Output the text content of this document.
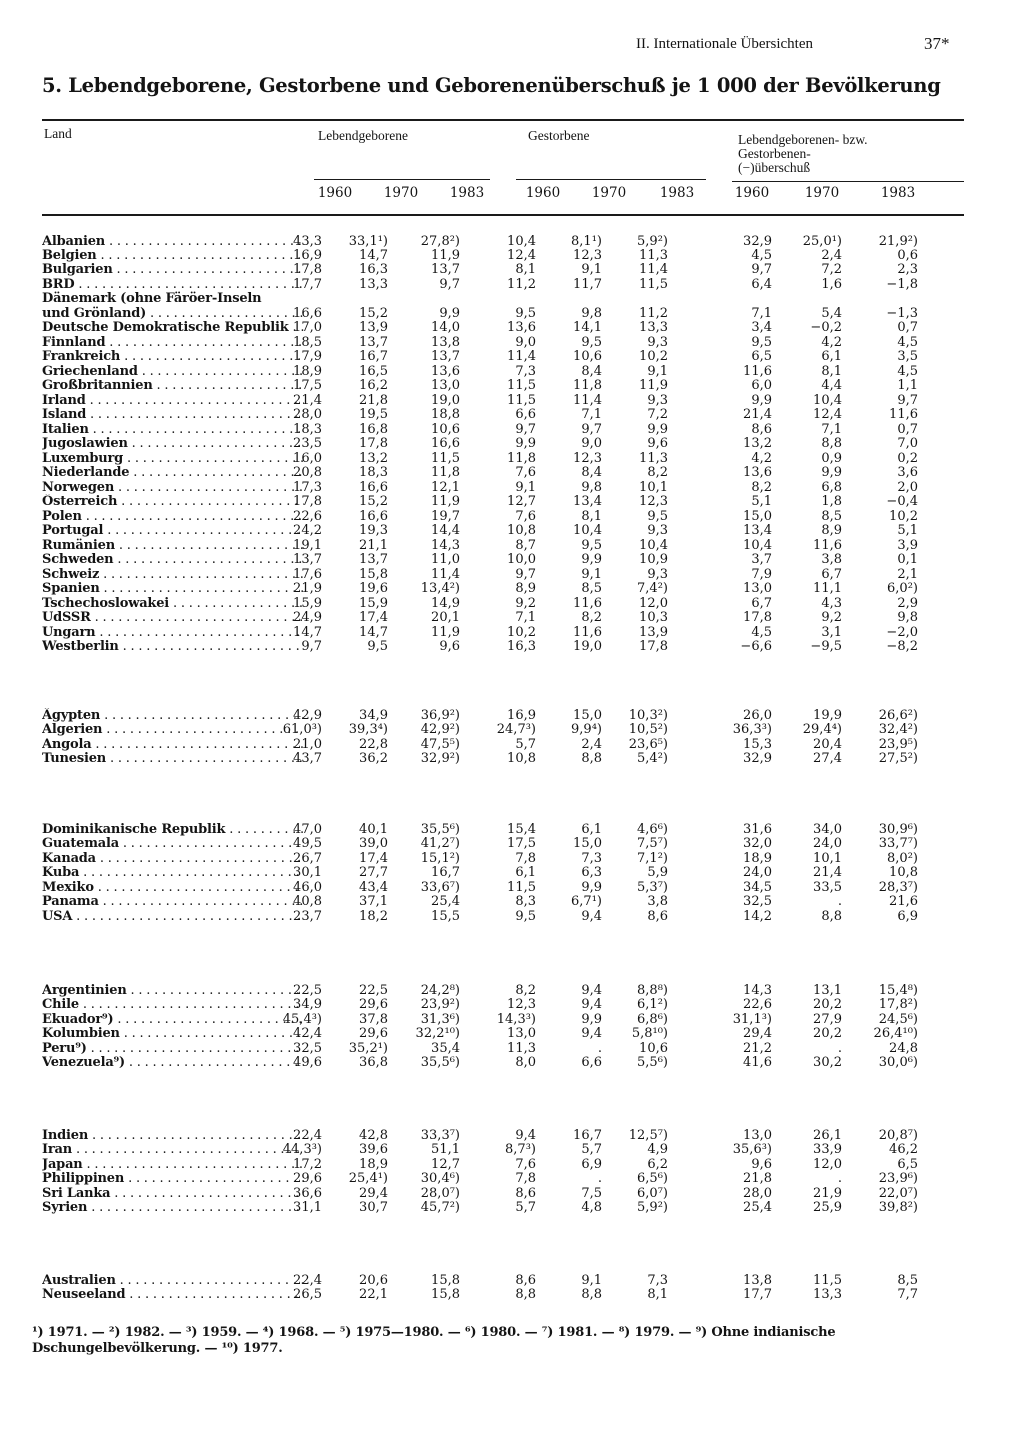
II. Internationale Übersichten	37*
5. Lebendgeborene, Gestorbene und Geborenenüberschuß je 1 000 der Bevölkerung
Land	Lebendgeborene	Gestorbene	Lebendgeborenen- bzw.
Gestorbenen-
(−)überschuß
1960	1970	1983	1960	1970	1983	1960	1970	1983
Albanien . . .	43,3	33,1¹)	27,8²)	10,4	8,1¹)	5,9²)	32,9	25,0¹)	21,9²)
Belgien . . .	16,9	14,7	11,9	12,4	12,3	11,3	4,5	2,4	0,6
Bulgarien . . .	17,8	16,3	13,7	8,1	9,1	11,4	9,7	7,2	2,3
BRD . . .	17,7	13,3	9,7	11,2	11,7	11,5	6,4	1,6	−1,8
Dänemark (ohne Färöer-Inseln
und Grönland) . . .	16,6	15,2	9,9	9,5	9,8	11,2	7,1	5,4	−1,3
Deutsche Demokratische Republik . . . 17,0	13,9	14,0	13,6	14,1	13,3	3,4	−0,2	0,7
Finnland . . .	18,5	13,7	13,8	9,0	9,5	9,3	9,5	4,2	4,5
Frankreich . . .	17,9	16,7	13,7	11,4	10,6	10,2	6,5	6,1	3,5
Griechenland . . .	18,9	16,5	13,6	7,3	8,4	9,1	11,6	8,1	4,5
Großbritannien . . .	17,5	16,2	13,0	11,5	11,8	11,9	6,0	4,4	1,1
Irland . . .	21,4	21,8	19,0	11,5	11,4	9,3	9,9	10,4	9,7
Island . . .	28,0	19,5	18,8	6,6	7,1	7,2	21,4	12,4	11,6
Italien . . .	18,3	16,8	10,6	9,7	9,7	9,9	8,6	7,1	0,7
Jugoslawien . . .	23,5	17,8	16,6	9,9	9,0	9,6	13,2	8,8	7,0
Luxemburg . . .	16,0	13,2	11,5	11,8	12,3	11,3	4,2	0,9	0,2
Niederlande . . .	20,8	18,3	11,8	7,6	8,4	8,2	13,6	9,9	3,6
Norwegen . . .	17,3	16,6	12,1	9,1	9,8	10,1	8,2	6,8	2,0
Österreich . . .	17,8	15,2	11,9	12,7	13,4	12,3	5,1	1,8	−0,4
Polen . . .	22,6	16,6	19,7	7,6	8,1	9,5	15,0	8,5	10,2
Portugal . . .	24,2	19,3	14,4	10,8	10,4	9,3	13,4	8,9	5,1
Rumänien . . .	19,1	21,1	14,3	8,7	9,5	10,4	10,4	11,6	3,9
Schweden . . .	13,7	13,7	11,0	10,0	9,9	10,9	3,7	3,8	0,1
Schweiz . . .	17,6	15,8	11,4	9,7	9,1	9,3	7,9	6,7	2,1
Spanien . . .	21,9	19,6	13,4²)	8,9	8,5	7,4²)	13,0	11,1	6,0²)
Tschechoslowakei . . .	15,9	15,9	14,9	9,2	11,6	12,0	6,7	4,3	2,9
UdSSR . . .	24,9	17,4	20,1	7,1	8,2	10,3	17,8	9,2	9,8
Ungarn . . .	14,7	14,7	11,9	10,2	11,6	13,9	4,5	3,1	−2,0
Westberlin . . .	9,7	9,5	9,6	16,3	19,0	17,8	−6,6	−9,5	−8,2
Ägypten . . .	42,9	34,9	36,9²)	16,9	15,0	10,3²)	26,0	19,9	26,6²)
Algerien . . .	61,0³)	39,3⁴)	42,9²)	24,7³)	9,9⁴)	10,5²)	36,3³)	29,4⁴)	32,4²)
Angola . . .	21,0	22,8	47,5⁵)	5,7	2,4	23,6⁵)	15,3	20,4	23,9⁵)
Tunesien . . .	43,7	36,2	32,9²)	10,8	8,8	5,4²)	32,9	27,4	27,5²)
Dominikanische Republik . . .	47,0	40,1	35,5⁶)	15,4	6,1	4,6⁶)	31,6	34,0	30,9⁶)
Guatemala . . .	49,5	39,0	41,2⁷)	17,5	15,0	7,5⁷)	32,0	24,0	33,7⁷)
Kanada . . .	26,7	17,4	15,1²)	7,8	7,3	7,1²)	18,9	10,1	8,0²)
Kuba . . .	30,1	27,7	16,7	6,1	6,3	5,9	24,0	21,4	10,8
Mexiko . . .	46,0	43,4	33,6⁷)	11,5	9,9	5,3⁷)	34,5	33,5	28,3⁷)
Panama . . .	40,8	37,1	25,4	8,3	6,7¹)	3,8	32,5	.	21,6
USA . . .	23,7	18,2	15,5	9,5	9,4	8,6	14,2	8,8	6,9
Argentinien . . .	22,5	22,5	24,2⁸)	8,2	9,4	8,8⁸)	14,3	13,1	15,4⁸)
Chile . . .	34,9	29,6	23,9²)	12,3	9,4	6,1²)	22,6	20,2	17,8²)
Ekuador⁹) . . .	45,4³)	37,8	31,3⁶)	14,3³)	9,9	6,8⁶)	31,1³)	27,9	24,5⁶)
Kolumbien . . .	42,4	29,6	32,2¹⁰)	13,0	9,4	5,8¹⁰)	29,4	20,2	26,4¹⁰)
Peru⁹) . . .	32,5	35,2¹)	35,4	11,3	.	10,6	21,2	.	24,8
Venezuela⁹) . . .	49,6	36,8	35,5⁶)	8,0	6,6	5,5⁶)	41,6	30,2	30,0⁶)
Indien . . .	22,4	42,8	33,3⁷)	9,4	16,7	12,5⁷)	13,0	26,1	20,8⁷)
Iran . . .	44,3³)	39,6	51,1	8,7³)	5,7	4,9	35,6³)	33,9	46,2
Japan . . .	17,2	18,9	12,7	7,6	6,9	6,2	9,6	12,0	6,5
Philippinen . . .	29,6	25,4¹)	30,4⁶)	7,8	.	6,5⁶)	21,8	.	23,9⁶)
Sri Lanka . . .	36,6	29,4	28,0⁷)	8,6	7,5	6,0⁷)	28,0	21,9	22,0⁷)
Syrien . . .	31,1	30,7	45,7²)	5,7	4,8	5,9²)	25,4	25,9	39,8²)
Australien . . .	22,4	20,6	15,8	8,6	9,1	7,3	13,8	11,5	8,5
Neuseeland . . .	26,5	22,1	15,8	8,8	8,8	8,1	17,7	13,3	7,7
¹) 1971. — ²) 1982. — ³) 1959. — ⁴) 1968. — ⁵) 1975—1980. — ⁶) 1980. — ⁷) 1981. — ⁸) 1979. — ⁹) Ohne indianische Dschungelbevölkerung. — ¹⁰) 1977.
